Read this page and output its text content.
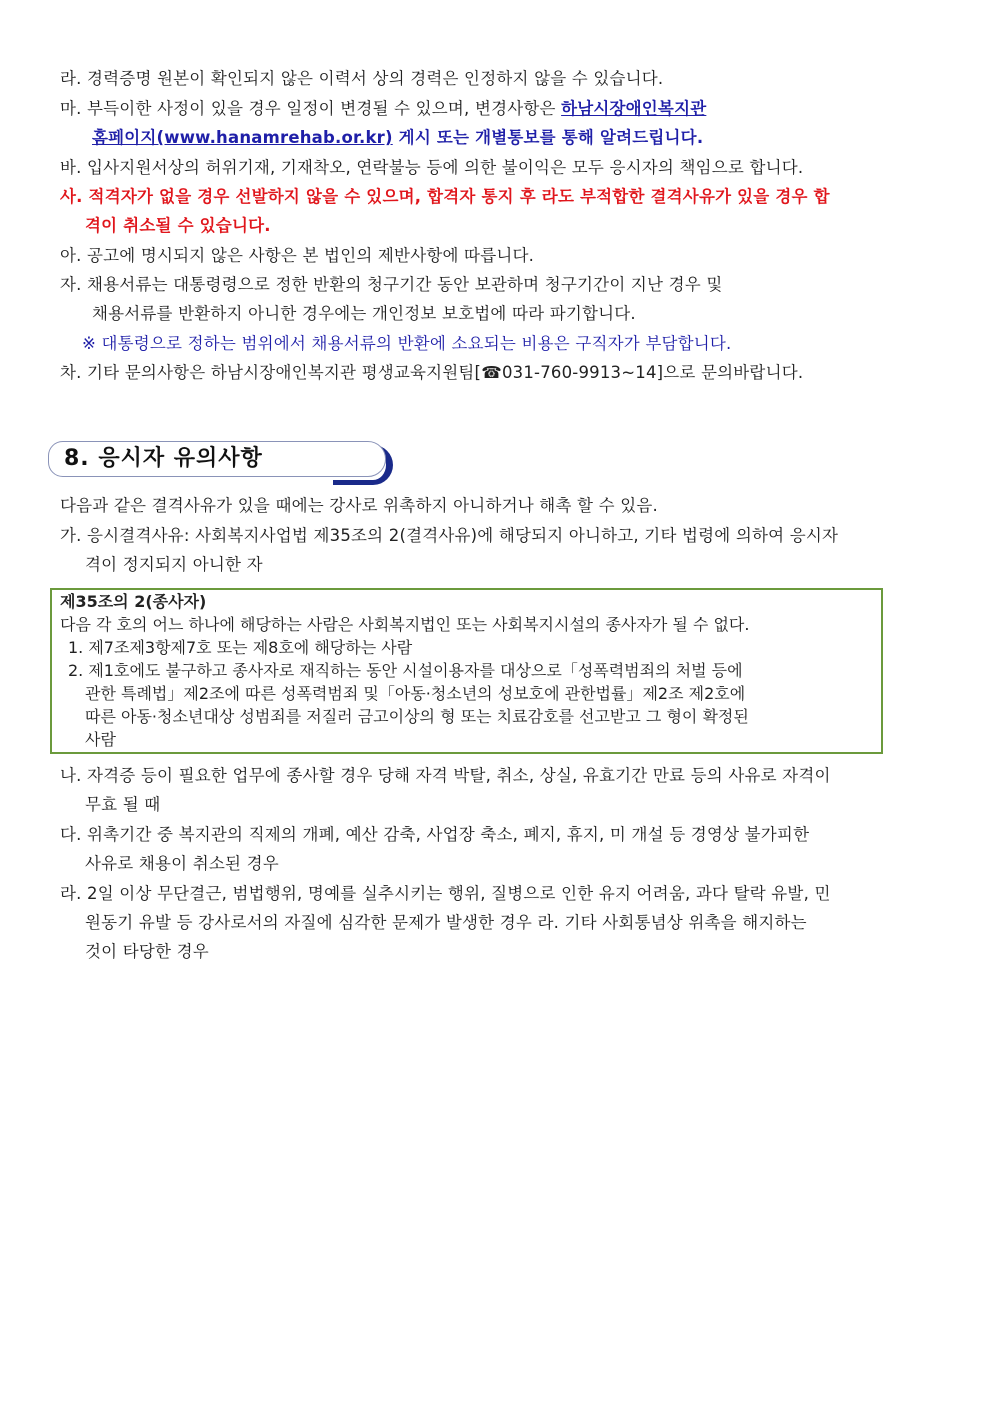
라. 경력증명 원본이 확인되지 않은 이력서 상의 경력은 인정하지 않을 수 있습니다.
마. 부득이한 사정이 있을 경우 일정이 변경될 수 있으며, 변경사항은 하남시장애인복지관
홈페이지(www.hanamrehab.or.kr) 게시 또는 개별통보를 통해 알려드립니다.
바. 입사지원서상의 허위기재, 기재착오, 연락불능 등에 의한 불이익은 모두 응시자의 책임으로 합니다.
사. 적격자가 없을 경우 선발하지 않을 수 있으며, 합격자 통지 후 라도 부적합한 결격사유가 있을 경우 합
격이 취소될 수 있습니다.
아. 공고에 명시되지 않은 사항은 본 법인의 제반사항에 따릅니다.
자. 채용서류는 대통령령으로 정한 반환의 청구기간 동안 보관하며 청구기간이 지난 경우 및
채용서류를 반환하지 아니한 경우에는 개인정보 보호법에 따라 파기합니다.
※ 대통령으로 정하는 범위에서 채용서류의 반환에 소요되는 비용은 구직자가 부담합니다.
차. 기타 문의사항은 하남시장애인복지관 평생교육지원팀[☎031-760-9913~14]으로 문의바랍니다.
8. 응시자 유의사항
다음과 같은 결격사유가 있을 때에는 강사로 위촉하지 아니하거나 해촉 할 수 있음.
가. 응시결격사유: 사회복지사업법 제35조의 2(결격사유)에 해당되지 아니하고, 기타 법령에 의하여 응시자
격이 정지되지 아니한 자
제35조의 2(종사자)
다음 각 호의 어느 하나에 해당하는 사람은 사회복지법인 또는 사회복지시설의 종사자가 될 수 없다.
1. 제7조제3항제7호 또는 제8호에 해당하는 사람
2. 제1호에도 불구하고 종사자로 재직하는 동안 시설이용자를 대상으로「성폭력범죄의 처벌 등에
관한 특례법」제2조에 따른 성폭력범죄 및「아동·청소년의 성보호에 관한법률」제2조 제2호에
따른 아동·청소년대상 성범죄를 저질러 금고이상의 형 또는 치료감호를 선고받고 그 형이 확정된
사람
나. 자격증 등이 필요한 업무에 종사할 경우 당해 자격 박탈, 취소, 상실, 유효기간 만료 등의 사유로 자격이
무효 될 때
다. 위촉기간 중 복지관의 직제의 개폐, 예산 감축, 사업장 축소, 폐지, 휴지, 미 개설 등 경영상 불가피한
사유로 채용이 취소된 경우
라. 2일 이상 무단결근, 범법행위, 명예를 실추시키는 행위, 질병으로 인한 유지 어려움, 과다 탈락 유발, 민
원동기 유발 등 강사로서의 자질에 심각한 문제가 발생한 경우 라. 기타 사회통념상 위촉을 해지하는
것이 타당한 경우
